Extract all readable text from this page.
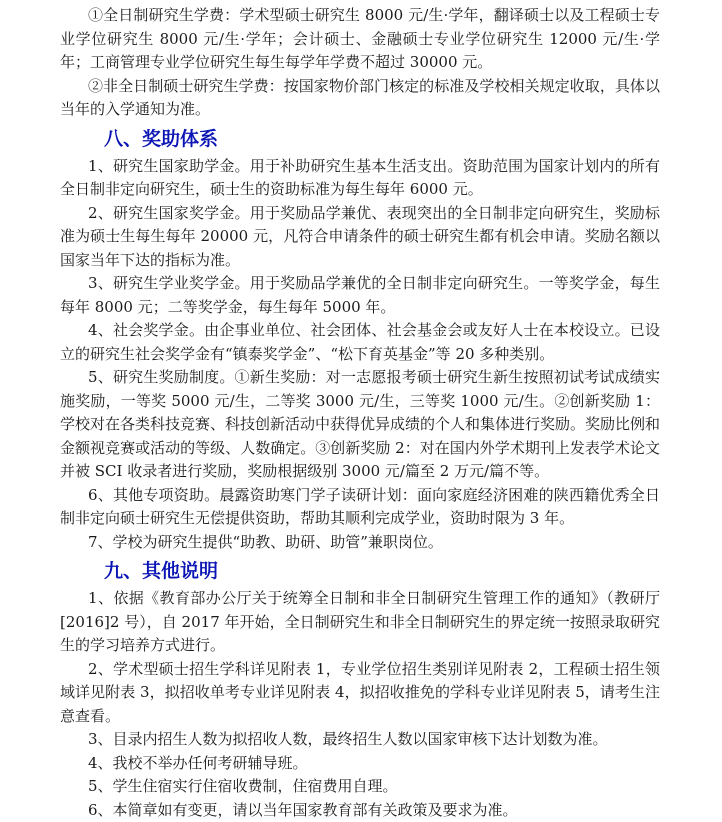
①全日制研究生学费：学术型硕士研究生 8000 元/生·学年，翻译硕士以及工程硕士专业学位研究生 8000 元/生·学年；会计硕士、金融硕士专业学位研究生 12000 元/生·学年；工商管理专业学位研究生每生每学年学费不超过 30000 元。

②非全日制硕士研究生学费：按国家物价部门核定的标准及学校相关规定收取，具体以当年的入学通知为准。

八、奖助体系

1、研究生国家助学金。用于补助研究生基本生活支出。资助范围为国家计划内的所有全日制非定向研究生，硕士生的资助标准为每生每年 6000 元。

2、研究生国家奖学金。用于奖励品学兼优、表现突出的全日制非定向研究生，奖励标准为硕士生每生每年 20000 元，凡符合申请条件的硕士研究生都有机会申请。奖励名额以国家当年下达的指标为准。

3、研究生学业奖学金。用于奖励品学兼优的全日制非定向研究生。一等奖学金，每生每年 8000 元；二等奖学金，每生每年 5000 年。

4、社会奖学金。由企事业单位、社会团体、社会基金会或友好人士在本校设立。已设立的研究生社会奖学金有“镇泰奖学金”、“松下育英基金”等 20 多种类别。

5、研究生奖励制度。①新生奖励：对一志愿报考硕士研究生新生按照初试考试成绩实施奖励，一等奖 5000 元/生，二等奖 3000 元/生，三等奖 1000 元/生。②创新奖励 1：学校对在各类科技竞赛、科技创新活动中获得优异成绩的个人和集体进行奖励。奖励比例和金额视竞赛或活动的等级、人数确定。③创新奖励 2：对在国内外学术期刊上发表学术论文并被 SCI 收录者进行奖励，奖励根据级别 3000 元/篇至 2 万元/篇不等。

6、其他专项资助。晨露资助寒门学子读研计划：面向家庭经济困难的陕西籍优秀全日制非定向硕士研究生无偿提供资助，帮助其顺利完成学业，资助时限为 3 年。

7、学校为研究生提供“助教、助研、助管”兼职岗位。

九、其他说明

1、依据《教育部办公厅关于统筹全日制和非全日制研究生管理工作的通知》（教研厅[2016]2 号），自 2017 年开始，全日制研究生和非全日制研究生的界定统一按照录取研究生的学习培养方式进行。

2、学术型硕士招生学科详见附表 1，专业学位招生类别详见附表 2，工程硕士招生领域详见附表 3，拟招收单考专业详见附表 4，拟招收推免的学科专业详见附表 5，请考生注意查看。

3、目录内招生人数为拟招收人数，最终招生人数以国家审核下达计划数为准。

4、我校不举办任何考研辅导班。

5、学生住宿实行住宿收费制，住宿费用自理。

6、本简章如有变更，请以当年国家教育部有关政策及要求为准。
